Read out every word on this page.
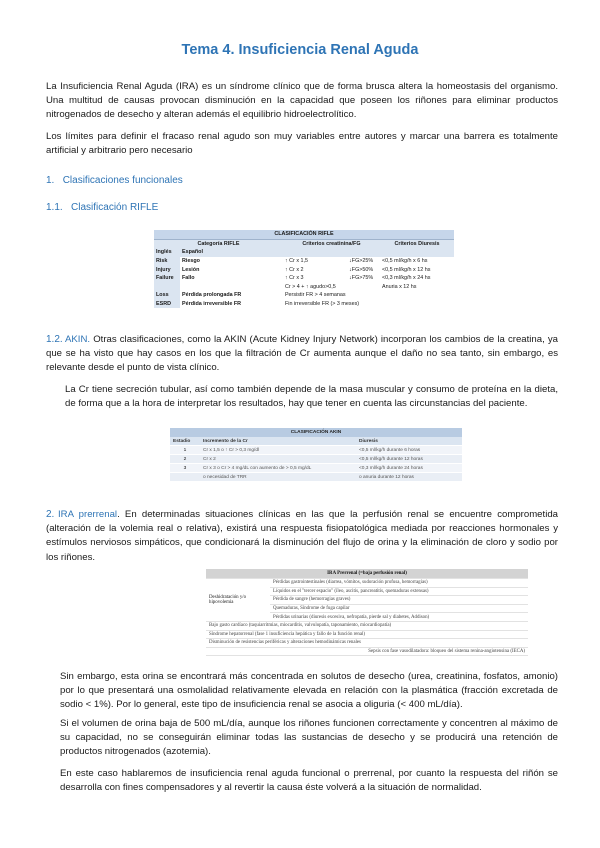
Tema 4. Insuficiencia Renal Aguda
La Insuficiencia Renal Aguda (IRA) es un síndrome clínico que de forma brusca altera la homeostasis del organismo. Una multitud de causas provocan disminución en la capacidad que poseen los riñones para eliminar productos nitrogenados de desecho y alteran además el equilibrio hidroelectrolítico.
Los límites para definir el fracaso renal agudo son muy variables entre autores y marcar una barrera es totalmente artificial y arbitrario pero necesario
1. Clasificaciones funcionales
1.1. Clasificación RIFLE
CLASIFICACIÓN RIFLE				
Categoría RIFLE		Criterios creatinina/FG		Criterios Diuresis
Inglés	Español			
Risk	Riesgo	↑ Cr x 1,5	↓FG>25%	<0,5 ml/kg/h x 6 hs
Injury	Lesión	↑ Cr x 2	↓FG>50%	<0,5 ml/kg/h x 12 hs
Failure	Fallo	↑ Cr x 3	↓FG>75%	<0,3 ml/kg/h x 24 hs
		Cr > 4 + ↑ agudo>0,5		Anuria x 12 hs
Loss	Pérdida prolongada FR	Persistir FR > 4 semanas		
ESRD	Pérdida irreversible FR	Fin irreversible FR (> 3 meses)		
AKIN. Otras clasificaciones, como la AKIN (Acute Kidney Injury Network) incorporan los cambios de la creatina, ya que se ha visto que hay casos en los que la filtración de Cr aumenta aunque el daño no sea tanto, sin embargo, es relevante desde el punto de vista clínico.
1.2.
La Cr tiene secreción tubular, así como también depende de la masa muscular y consumo de proteína en la dieta, de forma que a la hora de interpretar los resultados, hay que tener en cuenta las circunstancias del paciente.
CLASIFICACIÓN AKIN		
Estadio	Incremento de la Cr	Diuresis
1	Cr x 1,5 o ↑ Cr > 0,3 mg/dl	<0,5 ml/kg/h durante 6 horas
2	Cr x 2	<0,5 ml/kg/h durante 12 horas
3	Cr x 3 o Cr > 4 mg/dL con aumento de > 0,5 mg/dL	<0,3 ml/kg/h durante 24 horas
	o necesidad de TRR	o anuria durante 12 horas
2. IRA prerrenal. En determinadas situaciones clínicas en las que la perfusión renal se encuentre comprometida (alteración de la volemia real o relativa), existirá una respuesta fisiopatológica mediada por reacciones hormonales y estímulos nerviosos simpáticos, que condicionará la disminución del flujo de orina y la eliminación de cloro y sodio por los riñones.
IRA Prerrenal (=baja perfusión renal)
Deshidratación y/o hipovolemia	Pérdidas gastrointestinales (diarrea, vómitos, sudoración profusa, hemorragias)
Líquidos en el "tercer espacio" (íleo, ascitis, pancreatitis, quemaduras extensas)
Pérdida de sangre (hemorragias graves)
Quemaduras, Síndrome de fuga capilar
Pérdidas urinarias (diuresis excesiva, nefropatía, pierde sal y diabetes, Addison)
Bajo gasto cardíaco (taquiarritmias, miocarditis, valvulopatía, taponamiento, miocardiopatía)
Síndrome hepatorrenal (fase 1 insuficiencia hepática y fallo de la función renal)
Disminución de resistencias periféricas y alteraciones hemodinámicas renales
Sepsis con fase vasodilatadora: bloqueo del sistema renina-angiotensina (IECA)
Sin embargo, esta orina se encontrará más concentrada en solutos de desecho (urea, creatinina, fosfatos, amonio) por lo que presentará una osmolalidad relativamente elevada en relación con la plasmática (fracción excretada de sodio < 1%). Por lo general, este tipo de insuficiencia renal se asocia a oliguria (< 400 mL/día).
Si el volumen de orina baja de 500 mL/día, aunque los riñones funcionen correctamente y concentren al máximo de su capacidad, no se conseguirán eliminar todas las sustancias de desecho y se producirá una retención de productos nitrogenados (azotemia).
En este caso hablaremos de insuficiencia renal aguda funcional o prerrenal, por cuanto la respuesta del riñón se desarrolla con fines compensadores y al revertir la causa éste volverá a la situación de normalidad.
